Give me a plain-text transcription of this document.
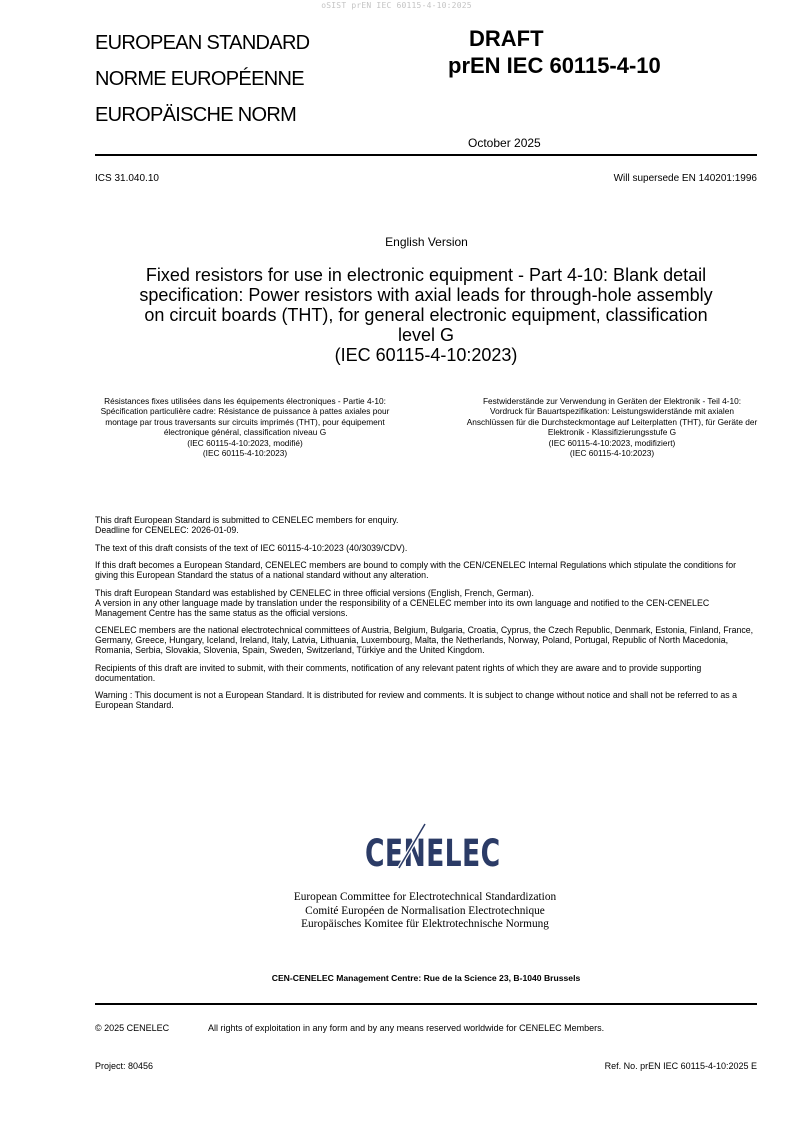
oSIST prEN IEC 60115-4-10:2025
EUROPEAN STANDARD
NORME EUROPÉENNE
EUROPÄISCHE NORM
DRAFT
prEN IEC 60115-4-10
October 2025
ICS 31.040.10	Will supersede EN 140201:1996
English Version
Fixed resistors for use in electronic equipment - Part 4-10: Blank detail specification: Power resistors with axial leads for through-hole assembly on circuit boards (THT), for general electronic equipment, classification level G
(IEC 60115-4-10:2023)
Résistances fixes utilisées dans les équipements électroniques - Partie 4-10: Spécification particulière cadre: Résistance de puissance à pattes axiales pour montage par trous traversants sur circuits imprimés (THT), pour équipement électronique général, classification niveau G
(IEC 60115-4-10:2023, modifié)
(IEC 60115-4-10:2023)
Festwiderstände zur Verwendung in Geräten der Elektronik - Teil 4-10: Vordruck für Bauartspezifikation: Leistungswiderstände mit axialen Anschlüssen für die Durchsteckmontage auf Leiterplatten (THT), für Geräte der Elektronik - Klassifizierungsstufe G
(IEC 60115-4-10:2023, modifiziert)
(IEC 60115-4-10:2023)

This draft European Standard is submitted to CENELEC members for enquiry.
Deadline for CENELEC: 2026-01-09.

The text of this draft consists of the text of IEC 60115-4-10:2023 (40/3039/CDV).

If this draft becomes a European Standard, CENELEC members are bound to comply with the CEN/CENELEC Internal Regulations which stipulate the conditions for giving this European Standard the status of a national standard without any alteration.

This draft European Standard was established by CENELEC in three official versions (English, French, German).
A version in any other language made by translation under the responsibility of a CENELEC member into its own language and notified to the CEN-CENELEC Management Centre has the same status as the official versions.

CENELEC members are the national electrotechnical committees of Austria, Belgium, Bulgaria, Croatia, Cyprus, the Czech Republic, Denmark, Estonia, Finland, France, Germany, Greece, Hungary, Iceland, Ireland, Italy, Latvia, Lithuania, Luxembourg, Malta, the Netherlands, Norway, Poland, Portugal, Republic of North Macedonia, Romania, Serbia, Slovakia, Slovenia, Spain, Sweden, Switzerland, Türkiye and the United Kingdom.

Recipients of this draft are invited to submit, with their comments, notification of any relevant patent rights of which they are aware and to provide supporting documentation.

Warning : This document is not a European Standard. It is distributed for review and comments. It is subject to change without notice and shall not be referred to as a European Standard.

CENELEC
European Committee for Electrotechnical Standardization
Comité Européen de Normalisation Electrotechnique
Europäisches Komitee für Elektrotechnische Normung
CEN-CENELEC Management Centre: Rue de la Science 23, B-1040 Brussels
© 2025 CENELEC	All rights of exploitation in any form and by any means reserved worldwide for CENELEC Members.
Project: 80456	Ref. No. prEN IEC 60115-4-10:2025 E
